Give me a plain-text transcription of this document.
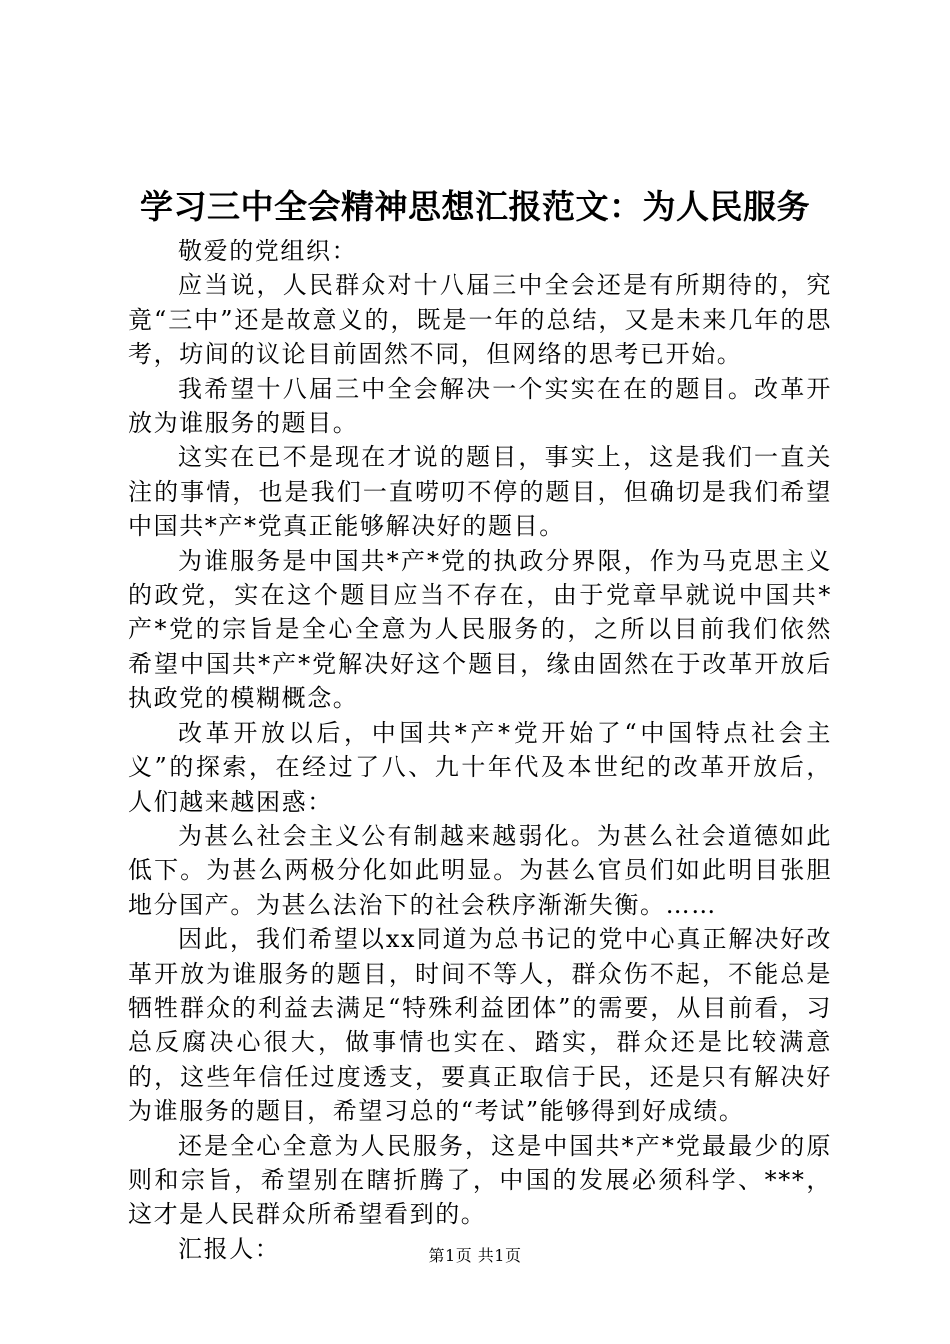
学习三中全会精神思想汇报范文：为人民服务

敬爱的党组织：

应当说，人民群众对十八届三中全会还是有所期待的，究竟“三中”还是故意义的，既是一年的总结，又是未来几年的思考，坊间的议论目前固然不同，但网络的思考已开始。

我希望十八届三中全会解决一个实实在在的题目。改革开放为谁服务的题目。

这实在已不是现在才说的题目，事实上，这是我们一直关注的事情，也是我们一直唠叨不停的题目，但确切是我们希望中国共*产*党真正能够解决好的题目。

为谁服务是中国共*产*党的执政分界限，作为马克思主义的政党，实在这个题目应当不存在，由于党章早就说中国共*产*党的宗旨是全心全意为人民服务的，之所以目前我们依然希望中国共*产*党解决好这个题目，缘由固然在于改革开放后执政党的模糊概念。

改革开放以后，中国共*产*党开始了“中国特点社会主义”的探索，在经过了八、九十年代及本世纪的改革开放后，人们越来越困惑：

为甚么社会主义公有制越来越弱化。为甚么社会道德如此低下。为甚么两极分化如此明显。为甚么官员们如此明目张胆地分国产。为甚么法治下的社会秩序渐渐失衡。……

因此，我们希望以xx同道为总书记的党中心真正解决好改革开放为谁服务的题目，时间不等人，群众伤不起，不能总是牺牲群众的利益去满足“特殊利益团体”的需要，从目前看，习总反腐决心很大，做事情也实在、踏实，群众还是比较满意的，这些年信任过度透支，要真正取信于民，还是只有解决好为谁服务的题目，希望习总的“考试”能够得到好成绩。

还是全心全意为人民服务，这是中国共*产*党最最少的原则和宗旨，希望别在瞎折腾了，中国的发展必须科学、***，这才是人民群众所希望看到的。

汇报人：	第1页 共1页
